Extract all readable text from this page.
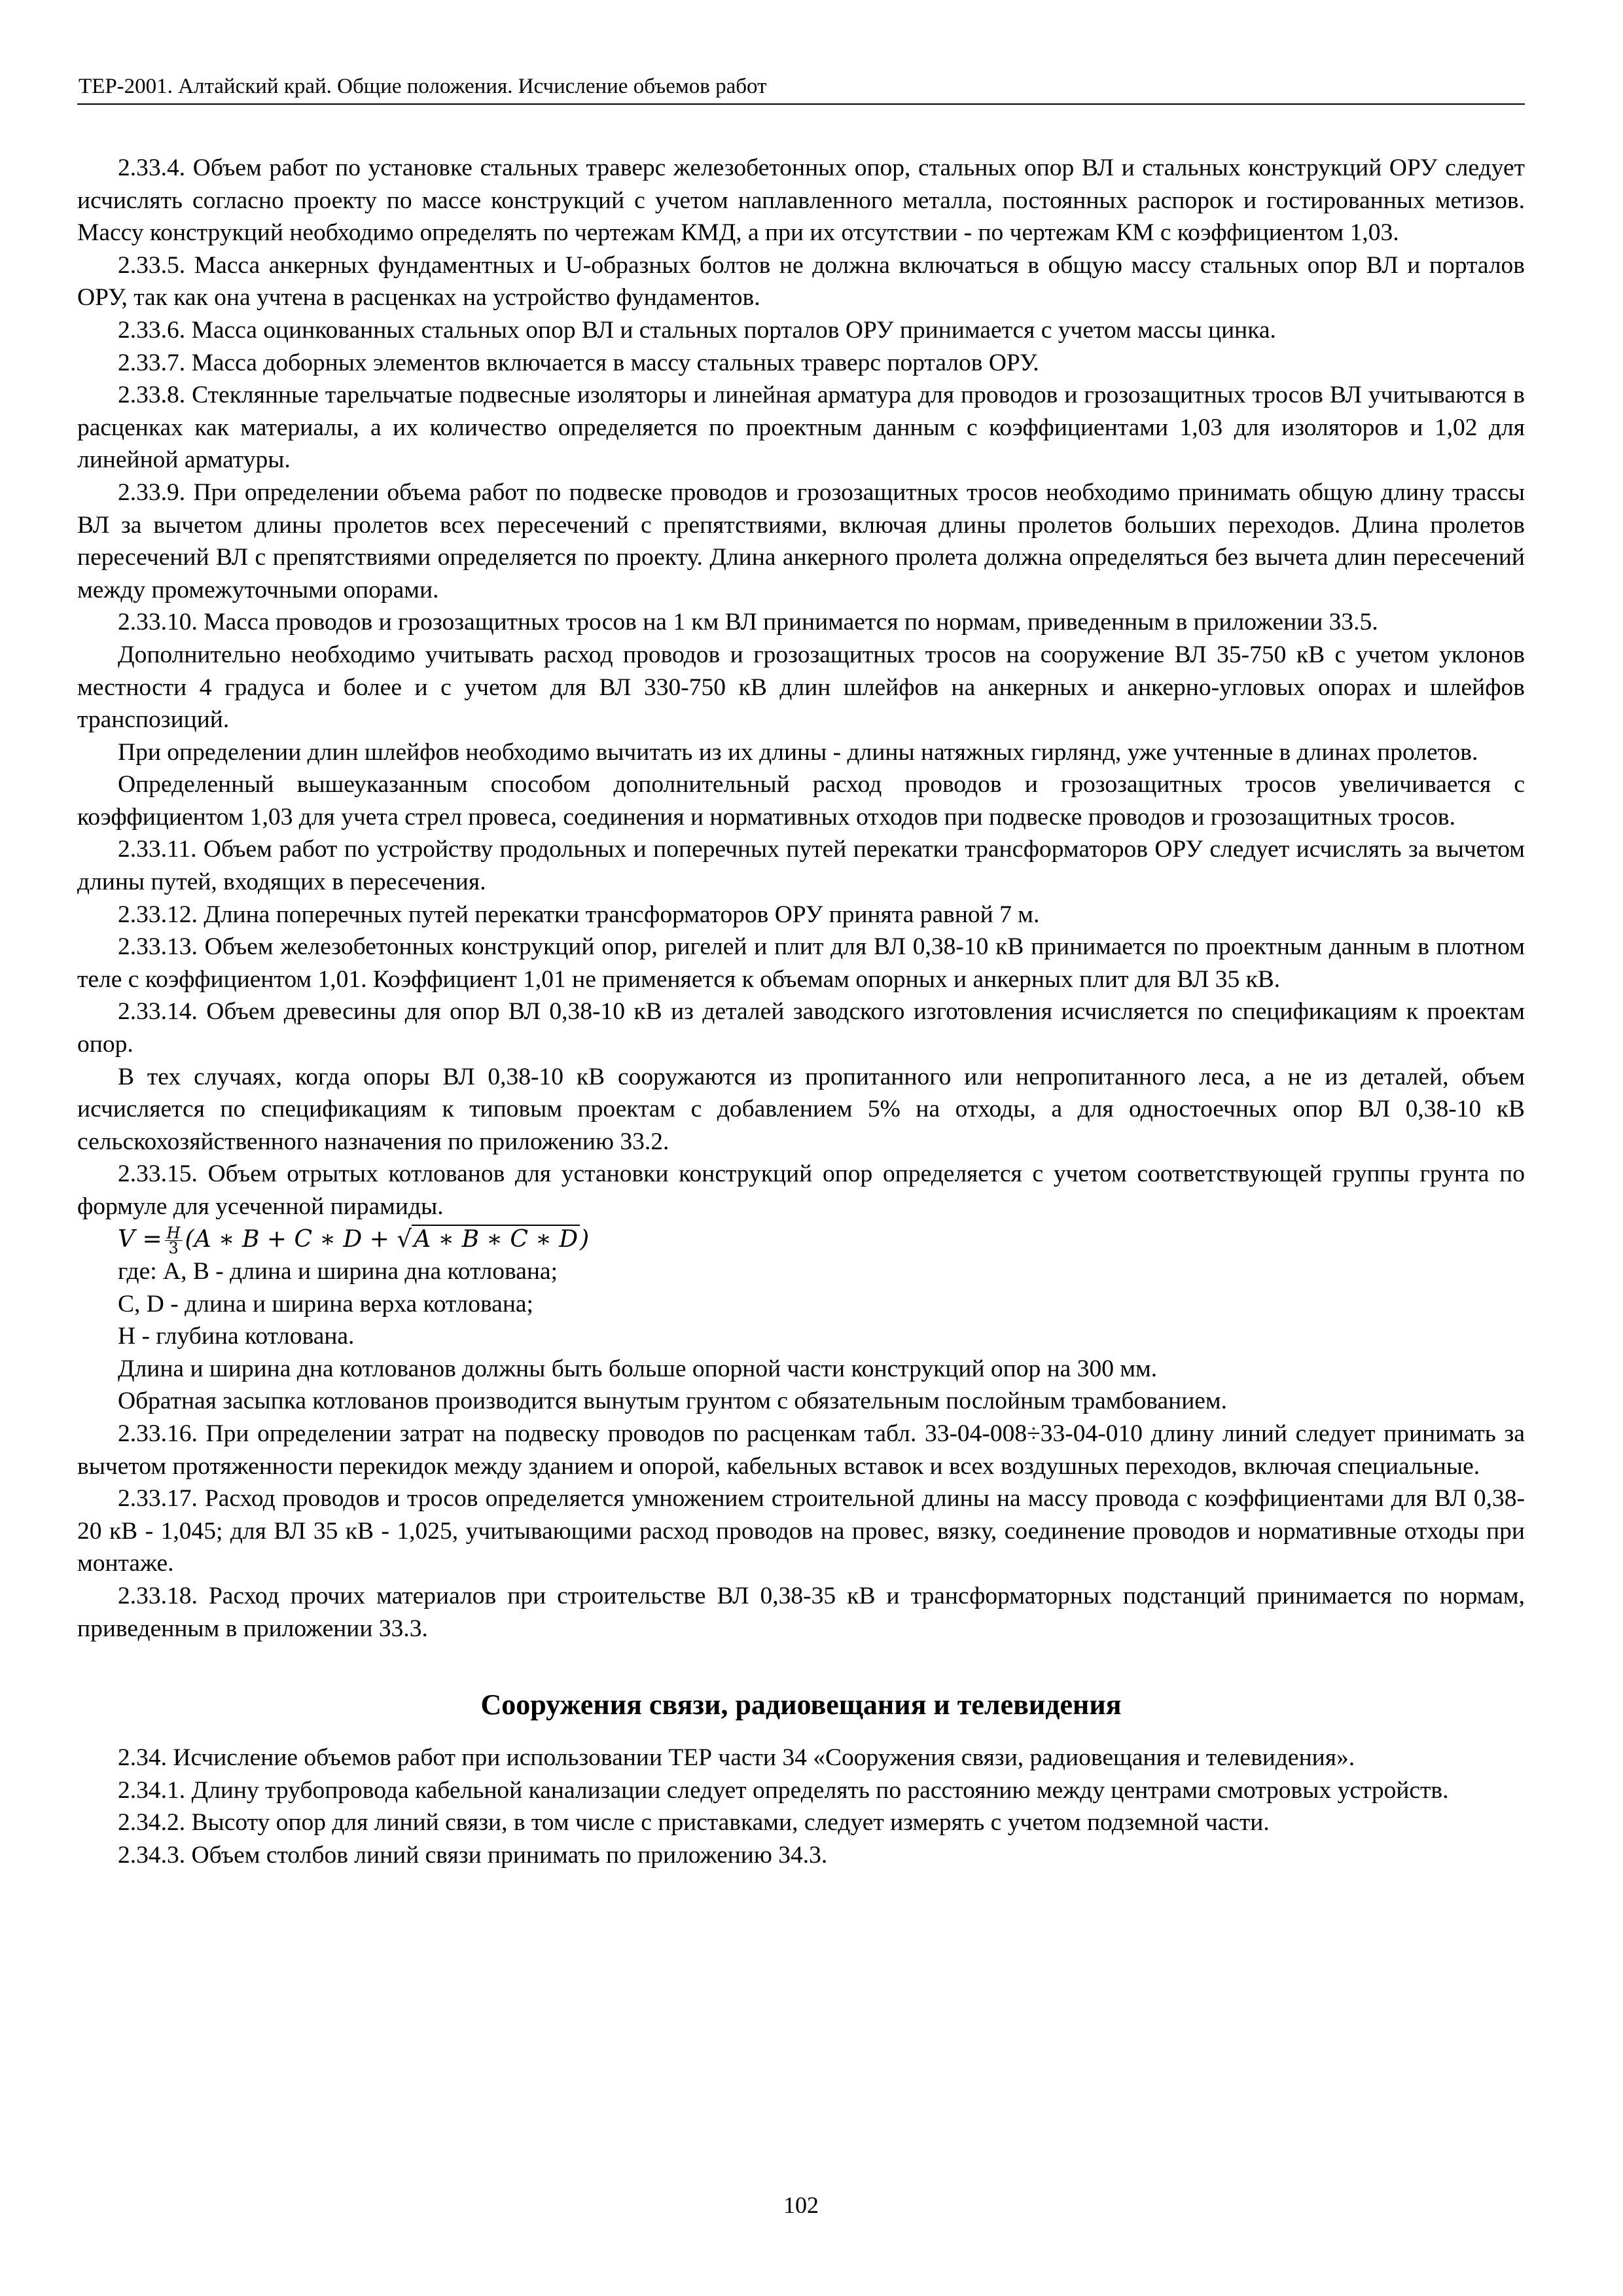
ТЕР-2001. Алтайский край. Общие положения. Исчисление объемов работ

2.33.4. Объем работ по установке стальных траверс железобетонных опор, стальных опор ВЛ и стальных конструкций ОРУ следует исчислять согласно проекту по массе конструкций с учетом наплавленного металла, постоянных распорок и гостированных метизов. Массу конструкций необходимо определять по чертежам КМД, а при их отсутствии - по чертежам КМ с коэффициентом 1,03.

2.33.5. Масса анкерных фундаментных и U-образных болтов не должна включаться в общую массу стальных опор ВЛ и порталов ОРУ, так как она учтена в расценках на устройство фундаментов.

2.33.6. Масса оцинкованных стальных опор ВЛ и стальных порталов ОРУ принимается с учетом массы цинка.

2.33.7. Масса доборных элементов включается в массу стальных траверс порталов ОРУ.

2.33.8. Стеклянные тарельчатые подвесные изоляторы и линейная арматура для проводов и грозозащитных тросов ВЛ учитываются в расценках как материалы, а их количество определяется по проектным данным с коэффициентами 1,03 для изоляторов и 1,02 для линейной арматуры.

2.33.9. При определении объема работ по подвеске проводов и грозозащитных тросов необходимо принимать общую длину трассы ВЛ за вычетом длины пролетов всех пересечений с препятствиями, включая длины пролетов больших переходов. Длина пролетов пересечений ВЛ с препятствиями определяется по проекту. Длина анкерного пролета должна определяться без вычета длин пересечений между промежуточными опорами.

2.33.10. Масса проводов и грозозащитных тросов на 1 км ВЛ принимается по нормам, приведенным в приложении 33.5.

Дополнительно необходимо учитывать расход проводов и грозозащитных тросов на сооружение ВЛ 35-750 кВ с учетом уклонов местности 4 градуса и более и с учетом для ВЛ 330-750 кВ длин шлейфов на анкерных и анкерно-угловых опорах и шлейфов транспозиций.

При определении длин шлейфов необходимо вычитать из их длины - длины натяжных гирлянд, уже учтенные в длинах пролетов.

Определенный вышеуказанным способом дополнительный расход проводов и грозозащитных тросов увеличивается с коэффициентом 1,03 для учета стрел провеса, соединения и нормативных отходов при подвеске проводов и грозозащитных тросов.

2.33.11. Объем работ по устройству продольных и поперечных путей перекатки трансформаторов ОРУ следует исчислять за вычетом длины путей, входящих в пересечения.

2.33.12. Длина поперечных путей перекатки трансформаторов ОРУ принята равной 7 м.

2.33.13. Объем железобетонных конструкций опор, ригелей и плит для ВЛ 0,38-10 кВ принимается по проектным данным в плотном теле с коэффициентом 1,01. Коэффициент 1,01 не применяется к объемам опорных и анкерных плит для ВЛ 35 кВ.

2.33.14. Объем древесины для опор ВЛ 0,38-10 кВ из деталей заводского изготовления исчисляется по спецификациям к проектам опор.

В тех случаях, когда опоры ВЛ 0,38-10 кВ сооружаются из пропитанного или непропитанного леса, а не из деталей, объем исчисляется по спецификациям к типовым проектам с добавлением 5% на отходы, а для одностоечных опор ВЛ 0,38-10 кВ сельскохозяйственного назначения по приложению 33.2.

2.33.15. Объем отрытых котлованов для установки конструкций опор определяется с учетом соответствующей группы грунта по формуле для усеченной пирамиды.

$V = \frac{H}{3} (A$ ∗ B + C ∗ D + √A ∗ B ∗ C ∗ D)

где: А, В - длина и ширина дна котлована;

С, D - длина и ширина верха котлована;

Н - глубина котлована.

Длина и ширина дна котлованов должны быть больше опорной части конструкций опор на 300 мм.

Обратная засыпка котлованов производится вынутым грунтом с обязательным послойным трамбованием.

2.33.16. При определении затрат на подвеску проводов по расценкам табл. 33-04-008÷33-04-010 длину линий следует принимать за вычетом протяженности перекидок между зданием и опорой, кабельных вставок и всех воздушных переходов, включая специальные.

2.33.17. Расход проводов и тросов определяется умножением строительной длины на массу провода с коэффициентами для ВЛ 0,38-20 кВ - 1,045; для ВЛ 35 кВ - 1,025, учитывающими расход проводов на провес, вязку, соединение проводов и нормативные отходы при монтаже.

2.33.18. Расход прочих материалов при строительстве ВЛ 0,38-35 кВ и трансформаторных подстанций принимается по нормам, приведенным в приложении 33.3.

Сооружения связи, радиовещания и телевидения

2.34. Исчисление объемов работ при использовании ТЕР части 34 «Сооружения связи, радиовещания и телевидения».

2.34.1. Длину трубопровода кабельной канализации следует определять по расстоянию между центрами смотровых устройств.

2.34.2. Высоту опор для линий связи, в том числе с приставками, следует измерять с учетом подземной части.

2.34.3. Объем столбов линий связи принимать по приложению 34.3.

102
